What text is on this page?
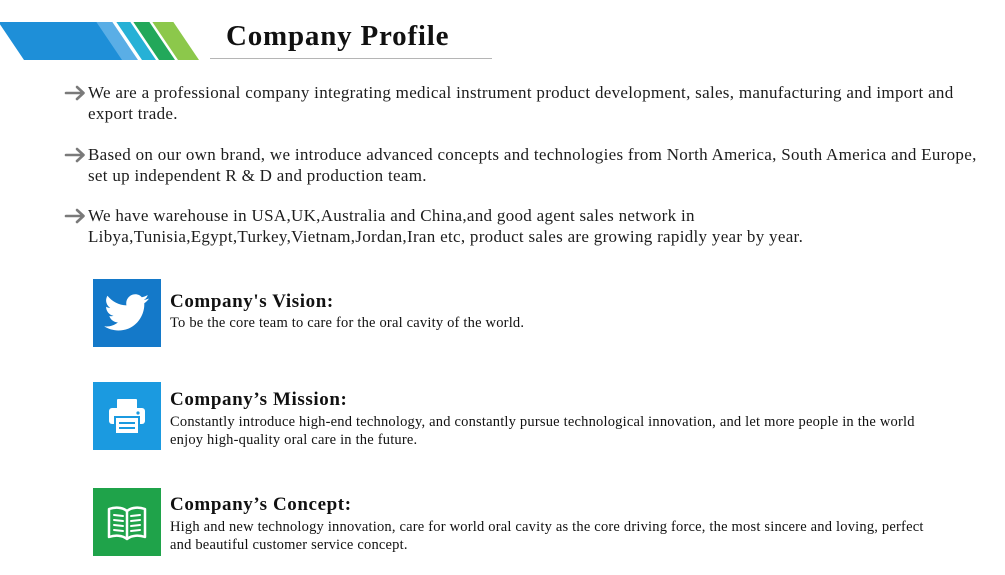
Company Profile
We are a professional company integrating medical instrument product development, sales, manufacturing and import and export trade.
Based on our own brand, we introduce advanced concepts and technologies from North America, South America and Europe, set up independent R & D and production team.
We have warehouse in USA,UK,Australia and China,and good agent sales network in Libya,Tunisia,Egypt,Turkey,Vietnam,Jordan,Iran etc, product sales are growing rapidly year by year.
Company's Vision:
To be the core team to care for the oral cavity of the world.
Company’s Mission:
Constantly introduce high-end technology, and constantly pursue technological innovation, and let more people in the world enjoy high-quality oral care in the future.
Company’s Concept:
High and new technology innovation, care for world oral cavity as the core driving force, the most sincere and loving, perfect and beautiful customer service concept.
